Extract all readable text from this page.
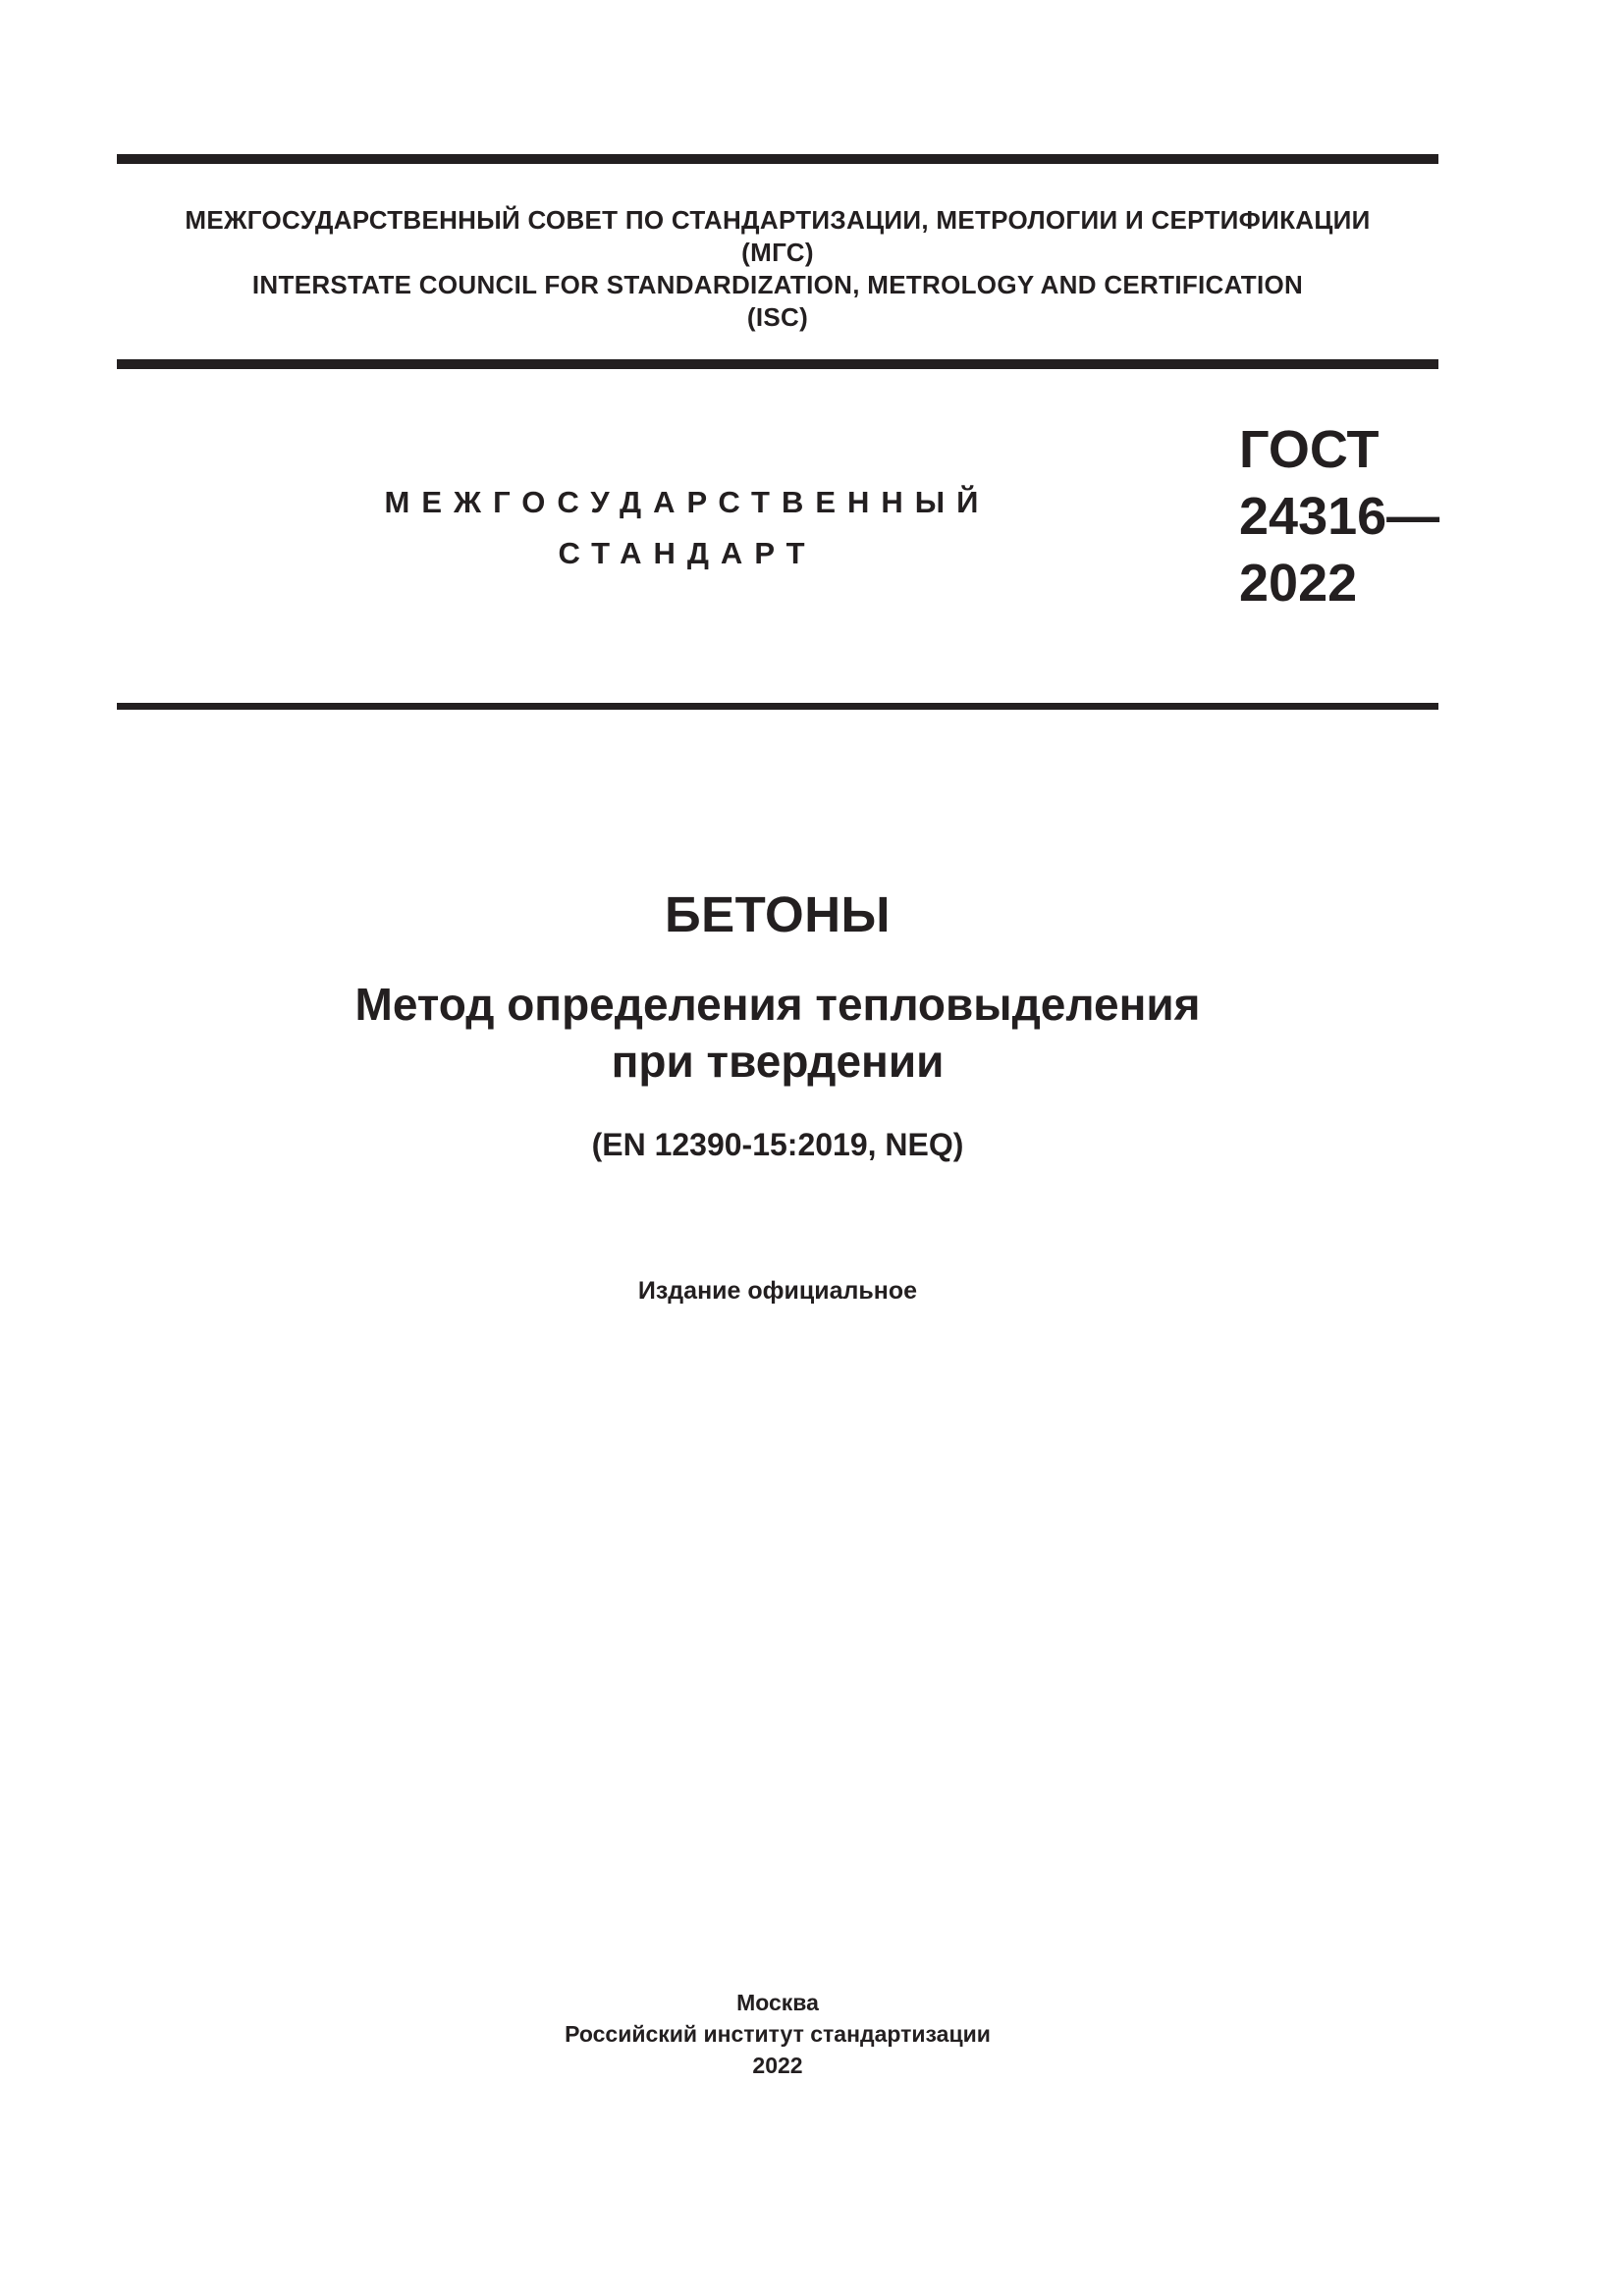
МЕЖГОСУДАРСТВЕННЫЙ СОВЕТ ПО СТАНДАРТИЗАЦИИ, МЕТРОЛОГИИ И СЕРТИФИКАЦИИ
(МГС)
INTERSTATE COUNCIL FOR STANDARDIZATION, METROLOGY AND CERTIFICATION
(ISC)
МЕЖГОСУДАРСТВЕННЫЙ
СТАНДАРТ
ГОСТ
24316—
2022
БЕТОНЫ
Метод определения тепловыделения
при твердении
(EN 12390-15:2019, NEQ)
Издание официальное
Москва
Российский институт стандартизации
2022
